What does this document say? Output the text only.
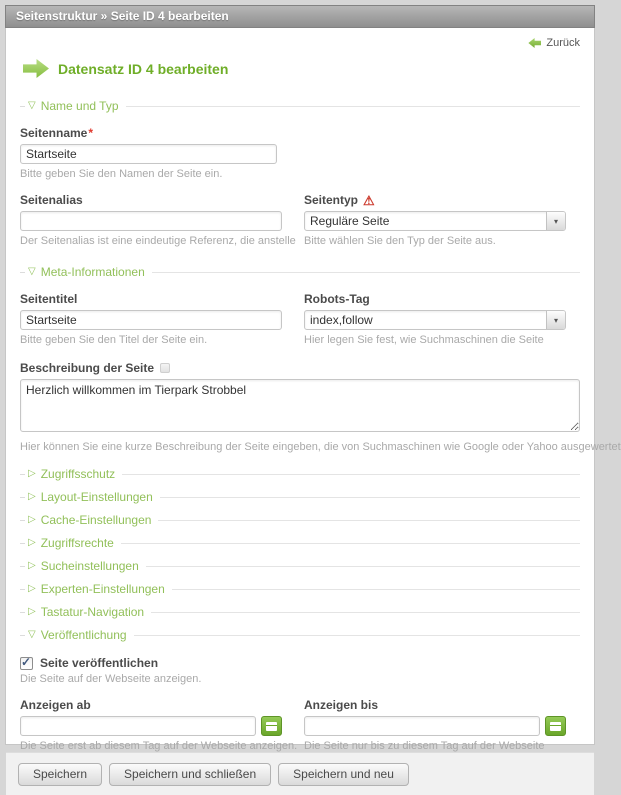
Seitenstruktur » Seite ID 4 bearbeiten
Zurück
Datensatz ID 4 bearbeiten
▽ Name und Typ
Seitenname *
Startseite
Bitte geben Sie den Namen der Seite ein.
Seitenalias
Der Seitenalias ist eine eindeutige Referenz, die anstelle
Seitentyp ⚠
Reguläre Seite	▾
Bitte wählen Sie den Typ der Seite aus.
▽ Meta-Informationen
Seitentitel
Startseite
Bitte geben Sie den Titel der Seite ein.
Robots-Tag
index,follow	▾
Hier legen Sie fest, wie Suchmaschinen die Seite
Beschreibung der Seite
Herzlich willkommen im Tierpark Strobbel
Hier können Sie eine kurze Beschreibung der Seite eingeben, die von Suchmaschinen wie Google oder Yahoo ausgewertet
▷ Zugriffsschutz
▷ Layout-Einstellungen
▷ Cache-Einstellungen
▷ Zugriffsrechte
▷ Sucheinstellungen
▷ Experten-Einstellungen
▷ Tastatur-Navigation
▽ Veröffentlichung
✓ Seite veröffentlichen
Die Seite auf der Webseite anzeigen.
Anzeigen ab
Die Seite erst ab diesem Tag auf der Webseite anzeigen.
Anzeigen bis
Die Seite nur bis zu diesem Tag auf der Webseite
Speichern	Speichern und schließen	Speichern und neu
